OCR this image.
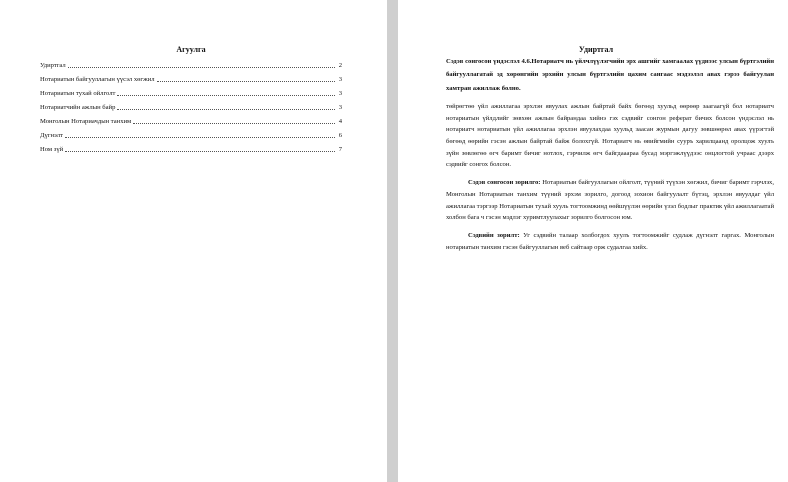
Агуулга
Удиртгал	2
Нотариатын байгууллагын үүсэл хөгжил	3
Нотариатын тухай ойлголт	3
Нотариатчийн ажлын байр	3
Монголын Нотариачдын танхим	4
Дүгнэлт	6
Ном зүй	7
Удиртгал

Сэдэв сонгосон үндэслэл 4.6.Нотариатч нь үйлчлүүлэгчийн эрх ашгийг хамгаалах үүднээс улсын бүртгэлийн байгууллагатай эд хөрөнгийн эрхийн улсын бүртгэлийн цахим сангаас мэдээлэл авах гэрээ байгуулан хамтран ажиллаж болно.

төйрөгтөө үйл ажиллагаа эрхлэн явуулах ажлын байртай байх бөгөөд хуульд өөрөөр заагаагүй бол нотариатч нотариатын үйлдлийг зөвхөн ажлын байрандаа хийнэ гэх сэдвийг сонгон реферат бичих болсон үндэслэл нь нотариатч нотариатын үйл ажиллагаа эрхлэн явуулахдаа хуульд заасан журмын дагуу зөвшөөрөл авах үүрэгтэй бөгөөд өөрийн гэсэн ажлын байртай байж болохгүй. Нотариатч нь өвийгмийн сууръ харилцаанд оролцож хуулъ зүйн зөвлөгөө өгч баримт бичиг нотлох, гэрчилж өгч байгдааараа бусад мэргэжлүүдээс онцлогтой учраас дээрх сэдвийг сонгох болсон.

Сэдэв сонгосон зорилго: Нотариатын байгууллагын ойлголт, түүний түүхэн хөгжил, бичиг баримт гэрчлэх, Монголын Нотариатын танхим түүний эрхэм зорилго, догоод зохион байгуулалт бүтэц, эрхлэн явуулдаг үйл ажиллагаа тэргээр Нотариатын тухай хууль тогтоомжинд өөйшүүлэн өөрийн үзэл бодлыг практик үйл ажиллагаатай холбон бага ч гэсэн мэдлэг хуримтлуулахыг зорилго болгосон юм.

Сэдвийн зорилт: Уг сэдвийн талаар холбогдох хуулъ тогтоомжийг судлаж дүгнэлт гаргах. Монголын нотариатын танхим гэсэн байгууллагын веб сайтаар орж судалгаа хийх.
